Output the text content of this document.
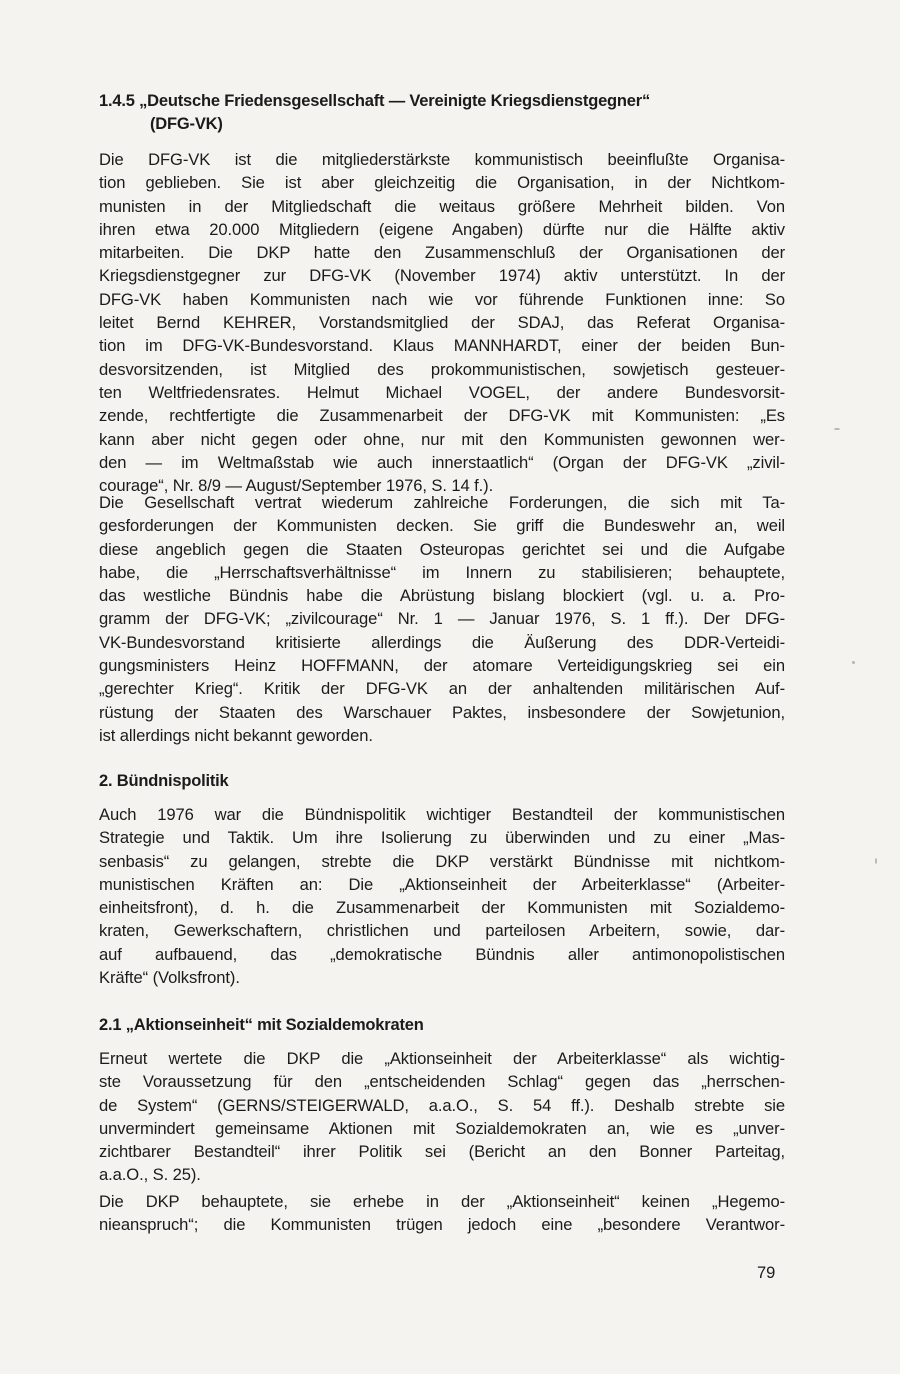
1.4.5 „Deutsche Friedensgesellschaft — Vereinigte Kriegsdienstgegner“
(DFG-VK)
Die DFG-VK ist die mitgliederstärkste kommunistisch beeinflußte Organisa-
tion geblieben. Sie ist aber gleichzeitig die Organisation, in der Nichtkom-
munisten in der Mitgliedschaft die weitaus größere Mehrheit bilden. Von
ihren etwa 20.000 Mitgliedern (eigene Angaben) dürfte nur die Hälfte aktiv
mitarbeiten. Die DKP hatte den Zusammenschluß der Organisationen der
Kriegsdienstgegner zur DFG-VK (November 1974) aktiv unterstützt. In der
DFG-VK haben Kommunisten nach wie vor führende Funktionen inne: So
leitet Bernd KEHRER, Vorstandsmitglied der SDAJ, das Referat Organisa-
tion im DFG-VK-Bundesvorstand. Klaus MANNHARDT, einer der beiden Bun-
desvorsitzenden, ist Mitglied des prokommunistischen, sowjetisch gesteuer-
ten Weltfriedensrates. Helmut Michael VOGEL, der andere Bundesvorsit-
zende, rechtfertigte die Zusammenarbeit der DFG-VK mit Kommunisten: „Es
kann aber nicht gegen oder ohne, nur mit den Kommunisten gewonnen wer-
den — im Weltmaßstab wie auch innerstaatlich“ (Organ der DFG-VK „zivil-
courage“, Nr. 8/9 — August/September 1976, S. 14 f.).
Die Gesellschaft vertrat wiederum zahlreiche Forderungen, die sich mit Ta-
gesforderungen der Kommunisten decken. Sie griff die Bundeswehr an, weil
diese angeblich gegen die Staaten Osteuropas gerichtet sei und die Aufgabe
habe, die „Herrschaftsverhältnisse“ im Innern zu stabilisieren; behauptete,
das westliche Bündnis habe die Abrüstung bislang blockiert (vgl. u. a. Pro-
gramm der DFG-VK; „zivilcourage“ Nr. 1 — Januar 1976, S. 1 ff.). Der DFG-
VK-Bundesvorstand kritisierte allerdings die Äußerung des DDR-Verteidi-
gungsministers Heinz HOFFMANN, der atomare Verteidigungskrieg sei ein
„gerechter Krieg“. Kritik der DFG-VK an der anhaltenden militärischen Auf-
rüstung der Staaten des Warschauer Paktes, insbesondere der Sowjetunion,
ist allerdings nicht bekannt geworden.
2. Bündnispolitik
Auch 1976 war die Bündnispolitik wichtiger Bestandteil der kommunistischen
Strategie und Taktik. Um ihre Isolierung zu überwinden und zu einer „Mas-
senbasis“ zu gelangen, strebte die DKP verstärkt Bündnisse mit nichtkom-
munistischen Kräften an: Die „Aktionseinheit der Arbeiterklasse“ (Arbeiter-
einheitsfront), d. h. die Zusammenarbeit der Kommunisten mit Sozialdemo-
kraten, Gewerkschaftern, christlichen und parteilosen Arbeitern, sowie, dar-
auf aufbauend, das „demokratische Bündnis aller antimonopolistischen
Kräfte“ (Volksfront).
2.1 „Aktionseinheit“ mit Sozialdemokraten
Erneut wertete die DKP die „Aktionseinheit der Arbeiterklasse“ als wichtig-
ste Voraussetzung für den „entscheidenden Schlag“ gegen das „herrschen-
de System“ (GERNS/STEIGERWALD, a.a.O., S. 54 ff.). Deshalb strebte sie
unvermindert gemeinsame Aktionen mit Sozialdemokraten an, wie es „unver-
zichtbarer Bestandteil“ ihrer Politik sei (Bericht an den Bonner Parteitag,
a.a.O., S. 25).
Die DKP behauptete, sie erhebe in der „Aktionseinheit“ keinen „Hegemo-
nieanspruch“; die Kommunisten trügen jedoch eine „besondere Verantwor-
79
